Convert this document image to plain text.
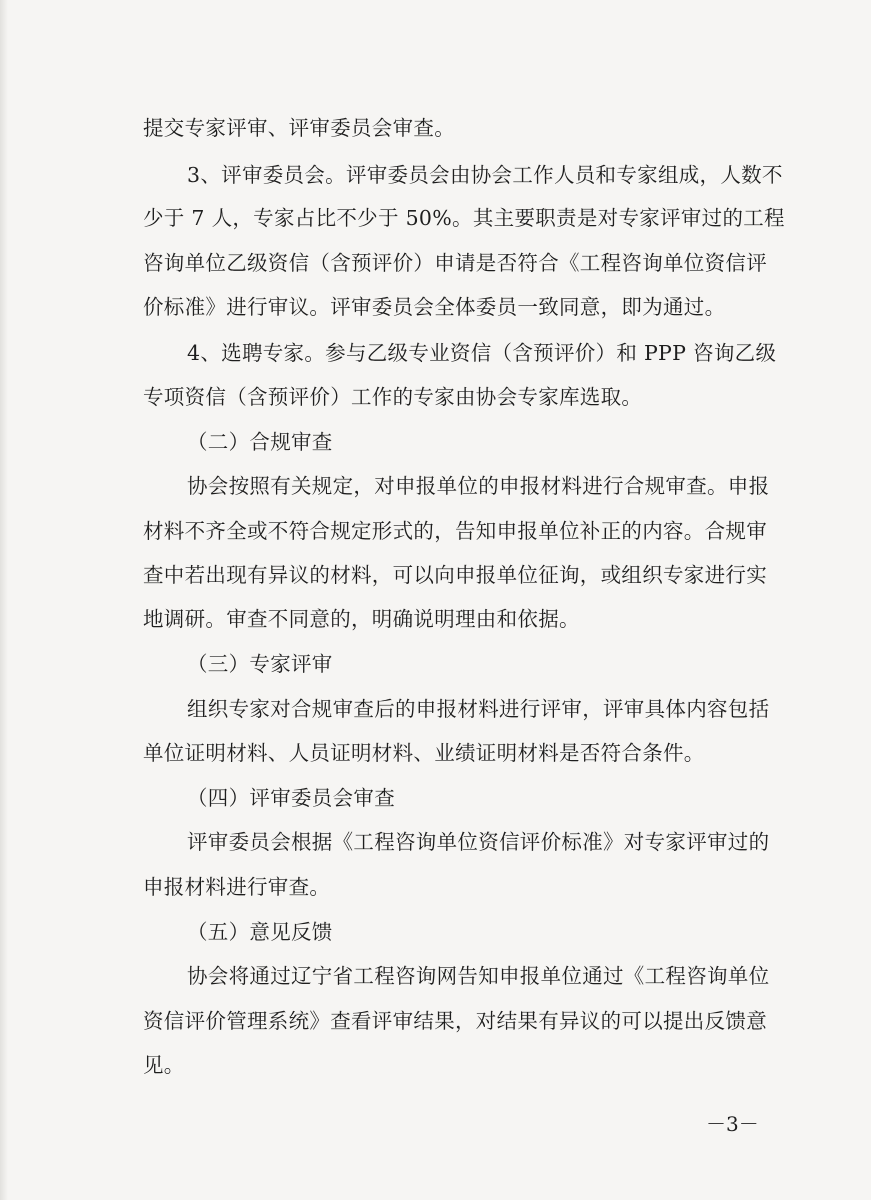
提交专家评审、评审委员会审查。
3、评审委员会。评审委员会由协会工作人员和专家组成，人数不
少于 7 人，专家占比不少于 50%。其主要职责是对专家评审过的工程
咨询单位乙级资信（含预评价）申请是否符合《工程咨询单位资信评
价标准》进行审议。评审委员会全体委员一致同意，即为通过。
4、选聘专家。参与乙级专业资信（含预评价）和 PPP 咨询乙级
专项资信（含预评价）工作的专家由协会专家库选取。
（二）合规审查
协会按照有关规定，对申报单位的申报材料进行合规审查。申报
材料不齐全或不符合规定形式的，告知申报单位补正的内容。合规审
查中若出现有异议的材料，可以向申报单位征询，或组织专家进行实
地调研。审查不同意的，明确说明理由和依据。
（三）专家评审
组织专家对合规审查后的申报材料进行评审，评审具体内容包括
单位证明材料、人员证明材料、业绩证明材料是否符合条件。
（四）评审委员会审查
评审委员会根据《工程咨询单位资信评价标准》对专家评审过的
申报材料进行审查。
（五）意见反馈
协会将通过辽宁省工程咨询网告知申报单位通过《工程咨询单位
资信评价管理系统》查看评审结果，对结果有异议的可以提出反馈意
见。
－3－
